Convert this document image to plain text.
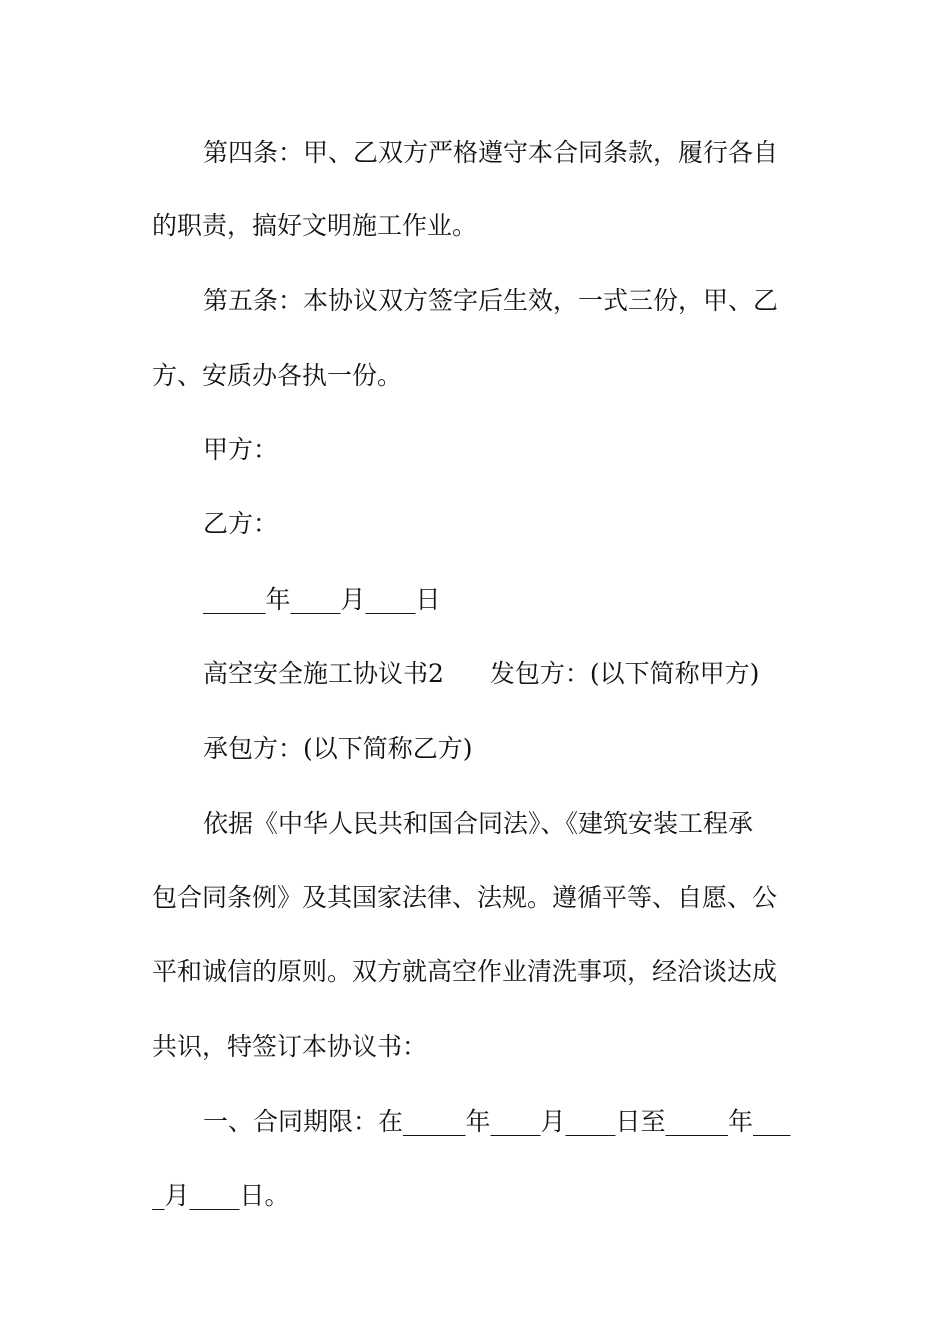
第四条：甲、乙双方严格遵守本合同条款，履行各自
的职责，搞好文明施工作业。
第五条：本协议双方签字后生效，一式三份，甲、乙
方、安质办各执一份。
甲方：
乙方：
_____年____月____日
高空安全施工协议书2 发包方：(以下简称甲方)
承包方：(以下简称乙方)
依据《中华人民共和国合同法》、《建筑安装工程承
包合同条例》及其国家法律、法规。遵循平等、自愿、公
平和诚信的原则。双方就高空作业清洗事项，经洽谈达成
共识，特签订本协议书：
一、合同期限：在_____年____月____日至_____年___
_月____日。
